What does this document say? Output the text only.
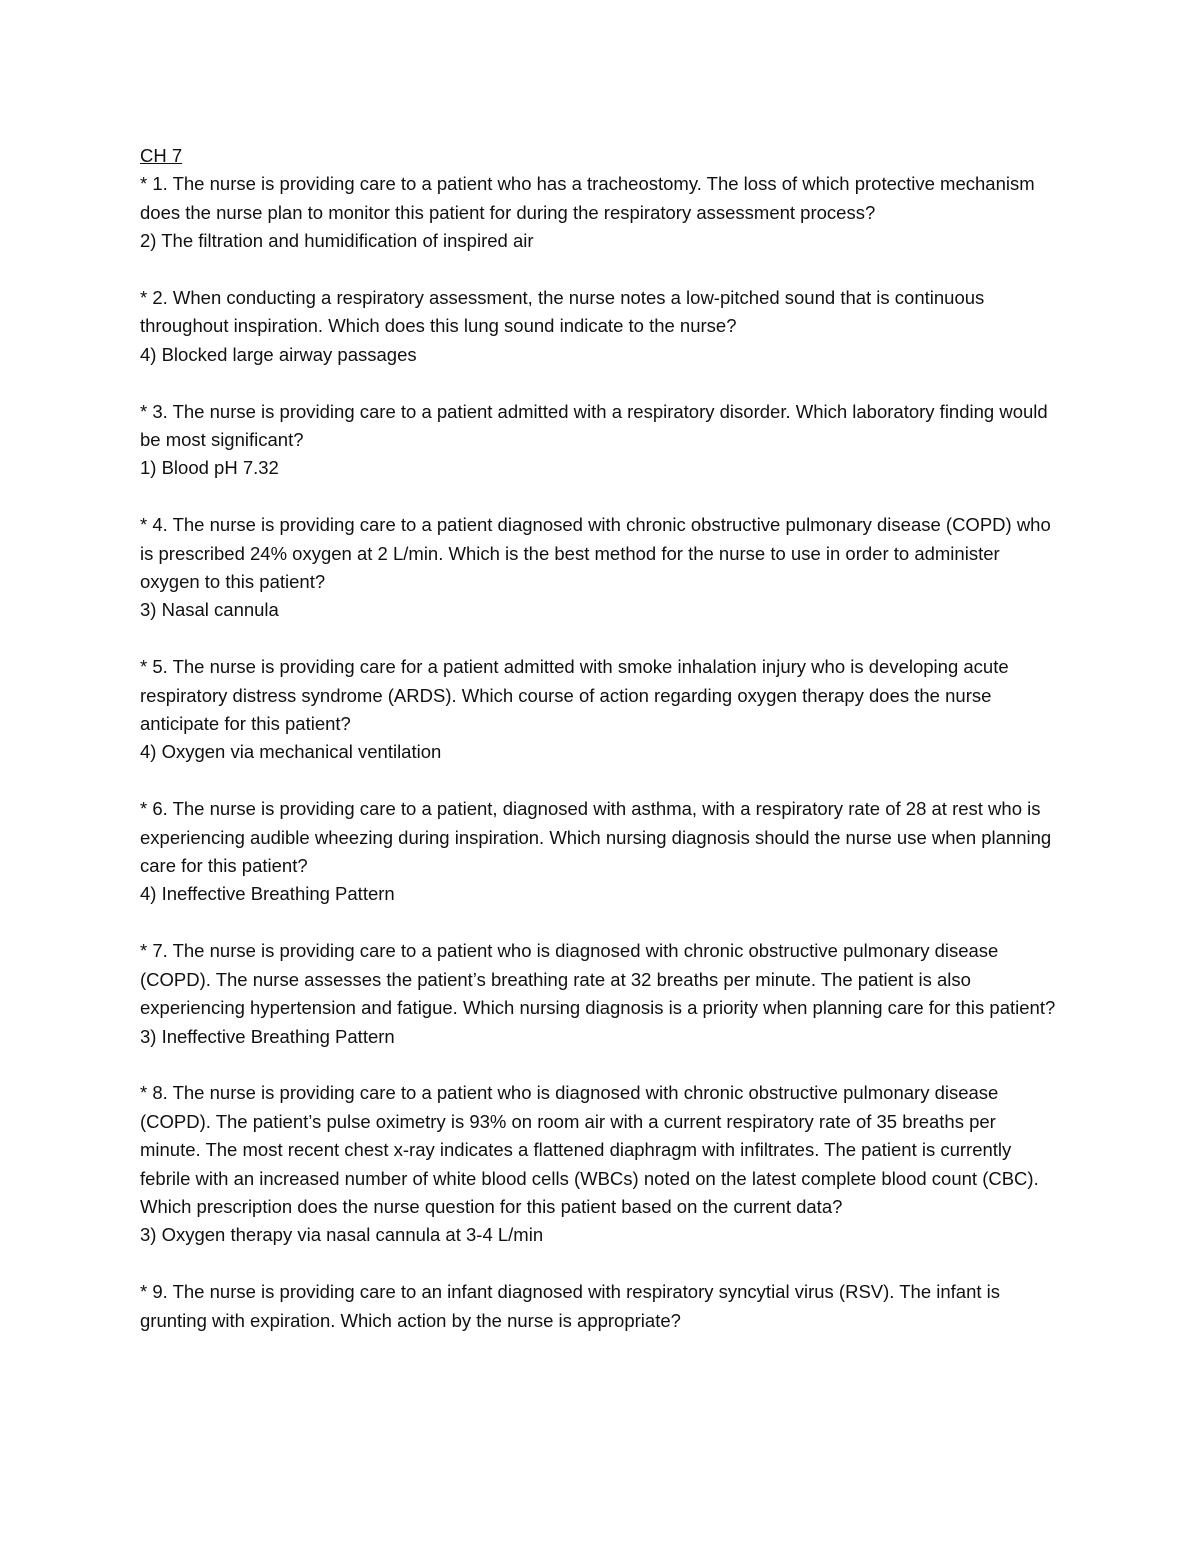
CH 7

* 1. The nurse is providing care to a patient who has a tracheostomy. The loss of which protective mechanism does the nurse plan to monitor this patient for during the respiratory assessment process?

2) The filtration and humidification of inspired air

* 2. When conducting a respiratory assessment, the nurse notes a low-pitched sound that is continuous throughout inspiration. Which does this lung sound indicate to the nurse?

4) Blocked large airway passages

* 3. The nurse is providing care to a patient admitted with a respiratory disorder. Which laboratory finding would be most significant?

1) Blood pH 7.32

* 4. The nurse is providing care to a patient diagnosed with chronic obstructive pulmonary disease (COPD) who is prescribed 24% oxygen at 2 L/min. Which is the best method for the nurse to use in order to administer oxygen to this patient?

3) Nasal cannula

* 5. The nurse is providing care for a patient admitted with smoke inhalation injury who is developing acute respiratory distress syndrome (ARDS). Which course of action regarding oxygen therapy does the nurse anticipate for this patient?

4) Oxygen via mechanical ventilation

* 6. The nurse is providing care to a patient, diagnosed with asthma, with a respiratory rate of 28 at rest who is experiencing audible wheezing during inspiration. Which nursing diagnosis should the nurse use when planning care for this patient?

4) Ineffective Breathing Pattern

* 7. The nurse is providing care to a patient who is diagnosed with chronic obstructive pulmonary disease (COPD). The nurse assesses the patient’s breathing rate at 32 breaths per minute. The patient is also experiencing hypertension and fatigue. Which nursing diagnosis is a priority when planning care for this patient?

3) Ineffective Breathing Pattern

* 8. The nurse is providing care to a patient who is diagnosed with chronic obstructive pulmonary disease (COPD). The patient’s pulse oximetry is 93% on room air with a current respiratory rate of 35 breaths per minute. The most recent chest x-ray indicates a flattened diaphragm with infiltrates. The patient is currently febrile with an increased number of white blood cells (WBCs) noted on the latest complete blood count (CBC). Which prescription does the nurse question for this patient based on the current data?

3) Oxygen therapy via nasal cannula at 3-4 L/min

* 9. The nurse is providing care to an infant diagnosed with respiratory syncytial virus (RSV). The infant is grunting with expiration. Which action by the nurse is appropriate?
